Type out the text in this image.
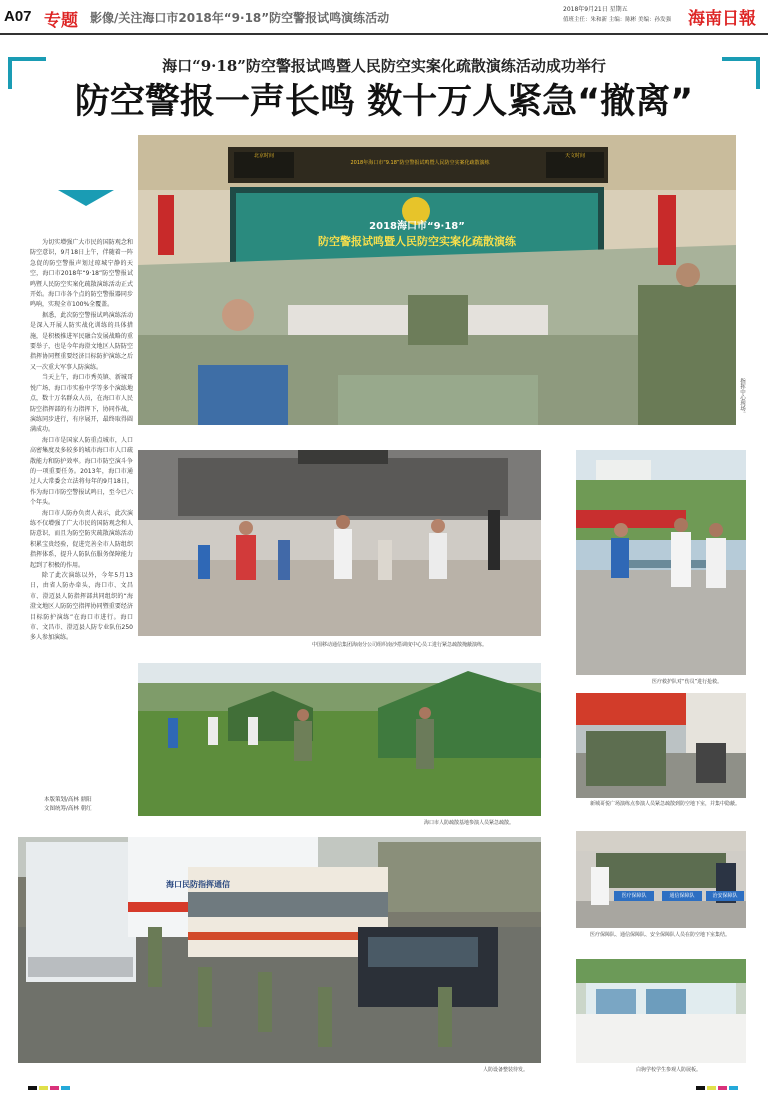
A07 专题 影像/关注海口市2018年“9·18”防空警报试鸣演练活动
2018年9月21日 星期五
值班主任：朱和新 主编：陈彬 美编：孙发强 海南日報
海口“9·18”防空警报试鸣暨人民防空实案化疏散演练活动成功举行
防空警报一声长鸣 数十万人紧急“撤离”

为切实增强广大市民的国防观念和防空意识，9月18日上午，伴随着一阵急促的防空警报声划过琼城宁静的天空，海口市2018年“9·18”防空警报试鸣暨人民防空实案化疏散演练活动正式开始。海口市各个点的防空警报器同步鸣响，实现全市100%全覆盖。

据悉，此次防空警报试鸣演练活动是深入开展人防实战化训练的具体措施，是积极推进军民融合发展战略的重要举子，也是今年海澄文地区人防防空指挥协同暨重要经济目标防护演练之后又一次重大军事人防演练。

当天上午，海口市秀英镇、新城哥悦广场、海口市实验中学等多个演练地点，数十万名群众人员，在海口市人民防空指挥部的有力指挥下，协同作战，演练同步进行，有序展开，最终取得圆满成功。

海口市是国家人防重点城市，人口高密集度及多较多的城市海口市人口疏散能力和防护效率。海口市防空演斗争的一项重要任务。2013年，海口市通过人大常委会立法将每年的9月18日，作为海口市防空警报试鸣日，至今已六个年头。

海口市人防办负责人表示，此次演练不仅增强了广大市民的国防观念和人防意识，而且为防空防灾疏散演练活动积累宝贵经验，促进完善全市人防组织指挥体系，提升人防队伍服务保障能力起到了积极的作用。

除了此次演练以外，今年5月13日，由省人防办牵头，海口市、文昌市、澄迈县人防指挥部共同组织的“海澄文地区人防防空指挥协同暨重要经济目标防护演练”在海口市进行。海口市、文昌市、澄迈县人防专业队伍250多人参加演练。

本版策划/高林 鼎阳
文图统筹/高林 朝红
北京时间	天文时间
2018年海口市“9.18”防空警报试鸣暨人民防空实案化疏散演练
2018海口市“9·18”
防空警报试鸣暨人民防空实案化疏散演练
指挥中心现场。
中国移动通信集团海南分公司组织南沙搭调度中心员工进行紧急疏散掩蔽演练。
医疗救护队对“伤员”进行抢救。
海口市人防疏散基地参演人员紧急疏散。
新城哥悦广场演练点参演人员紧急疏散到防空地下室，并集中隐蔽。
医疗保障队	通信保障队	治安保障队
医疗保障队、通信保障队、安全保障队人员在防空地下室集结。
海口民防指挥通信
人防设备整装待发。	白驹学校学生参观人防展板。
